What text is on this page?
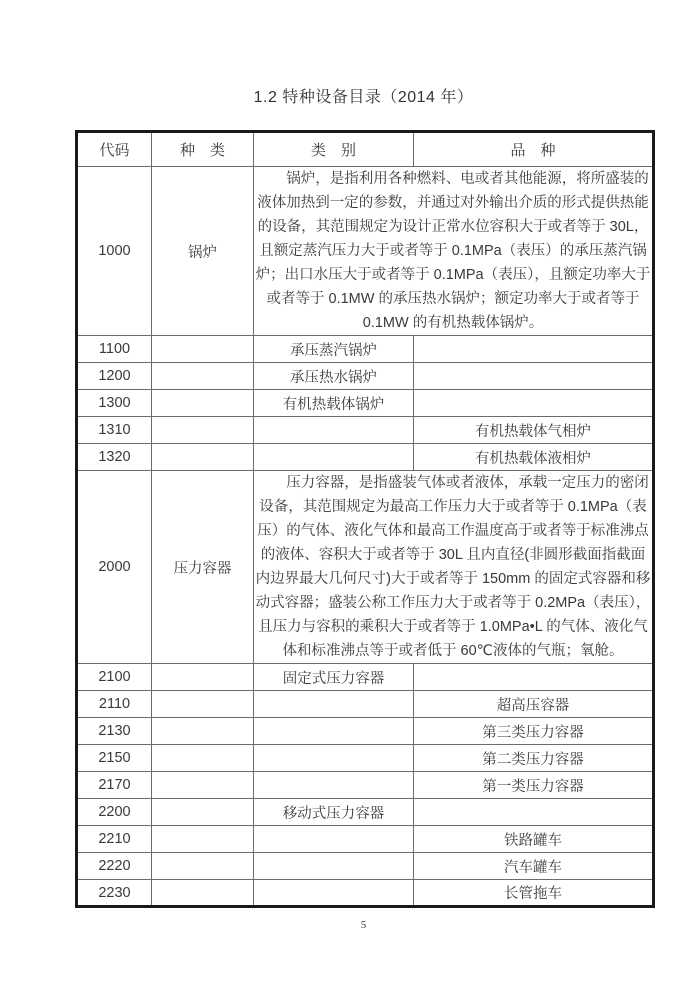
1.2 特种设备目录（2014 年）
代码	种　类	类　别	品　种
1000	锅炉	锅炉，是指利用各种燃料、电或者其他能源，将所盛装的液体加热到一定的参数，并通过对外输出介质的形式提供热能的设备，其范围规定为设计正常水位容积大于或者等于 30L，且额定蒸汽压力大于或者等于 0.1MPa（表压）的承压蒸汽锅炉；出口水压大于或者等于 0.1MPa（表压），且额定功率大于或者等于 0.1MW 的承压热水锅炉；额定功率大于或者等于 0.1MW 的有机热载体锅炉。	
1100		承压蒸汽锅炉	
1200		承压热水锅炉	
1300		有机热载体锅炉	
1310			有机热载体气相炉
1320			有机热载体液相炉
2000	压力容器	压力容器，是指盛装气体或者液体，承载一定压力的密闭设备，其范围规定为最高工作压力大于或者等于 0.1MPa（表压）的气体、液化气体和最高工作温度高于或者等于标准沸点的液体、容积大于或者等于 30L 且内直径(非圆形截面指截面内边界最大几何尺寸)大于或者等于 150mm 的固定式容器和移动式容器；盛装公称工作压力大于或者等于 0.2MPa（表压），且压力与容积的乘积大于或者等于 1.0MPa•L 的气体、液化气体和标准沸点等于或者低于 60℃液体的气瓶；氧舱。	
2100		固定式压力容器	
2110			超高压容器
2130			第三类压力容器
2150			第二类压力容器
2170			第一类压力容器
2200		移动式压力容器	
2210			铁路罐车
2220			汽车罐车
2230			长管拖车
5
